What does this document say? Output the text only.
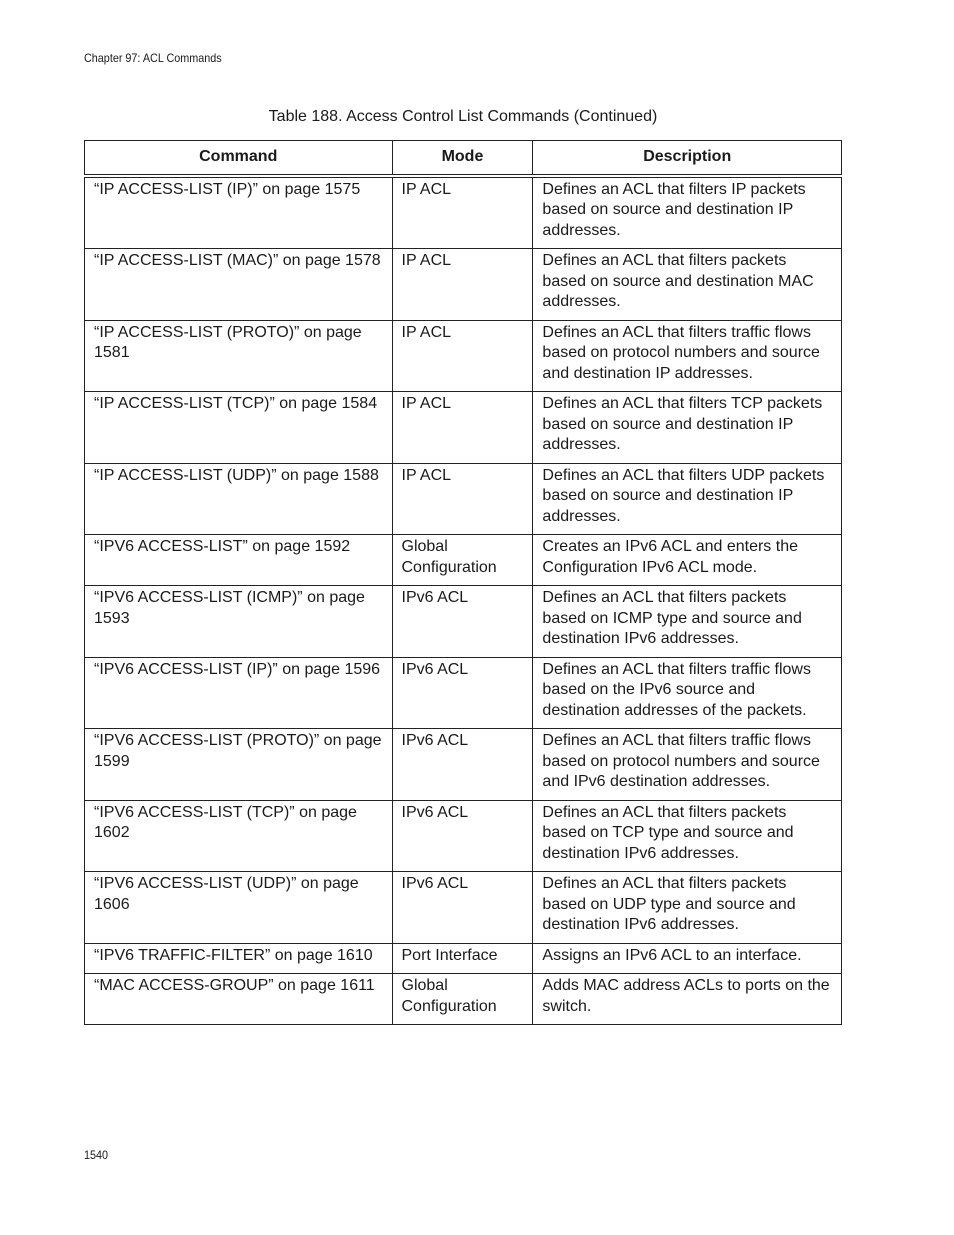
Chapter 97: ACL Commands
Table 188. Access Control List Commands (Continued)
Command	Mode	Description
“IP ACCESS-LIST (IP)” on page 1575	IP ACL	Defines an ACL that filters IP packets based on source and destination IP addresses.
“IP ACCESS-LIST (MAC)” on page 1578	IP ACL	Defines an ACL that filters packets based on source and destination MAC addresses.
“IP ACCESS-LIST (PROTO)” on page 1581	IP ACL	Defines an ACL that filters traffic flows based on protocol numbers and source and destination IP addresses.
“IP ACCESS-LIST (TCP)” on page 1584	IP ACL	Defines an ACL that filters TCP packets based on source and destination IP addresses.
“IP ACCESS-LIST (UDP)” on page 1588	IP ACL	Defines an ACL that filters UDP packets based on source and destination IP addresses.
“IPV6 ACCESS-LIST” on page 1592	Global Configuration	Creates an IPv6 ACL and enters the Configuration IPv6 ACL mode.
“IPV6 ACCESS-LIST (ICMP)” on page 1593	IPv6 ACL	Defines an ACL that filters packets based on ICMP type and source and destination IPv6 addresses.
“IPV6 ACCESS-LIST (IP)” on page 1596	IPv6 ACL	Defines an ACL that filters traffic flows based on the IPv6 source and destination addresses of the packets.
“IPV6 ACCESS-LIST (PROTO)” on page 1599	IPv6 ACL	Defines an ACL that filters traffic flows based on protocol numbers and source and IPv6 destination addresses.
“IPV6 ACCESS-LIST (TCP)” on page 1602	IPv6 ACL	Defines an ACL that filters packets based on TCP type and source and destination IPv6 addresses.
“IPV6 ACCESS-LIST (UDP)” on page 1606	IPv6 ACL	Defines an ACL that filters packets based on UDP type and source and destination IPv6 addresses.
“IPV6 TRAFFIC-FILTER” on page 1610	Port Interface	Assigns an IPv6 ACL to an interface.
“MAC ACCESS-GROUP” on page 1611	Global Configuration	Adds MAC address ACLs to ports on the switch.
1540
